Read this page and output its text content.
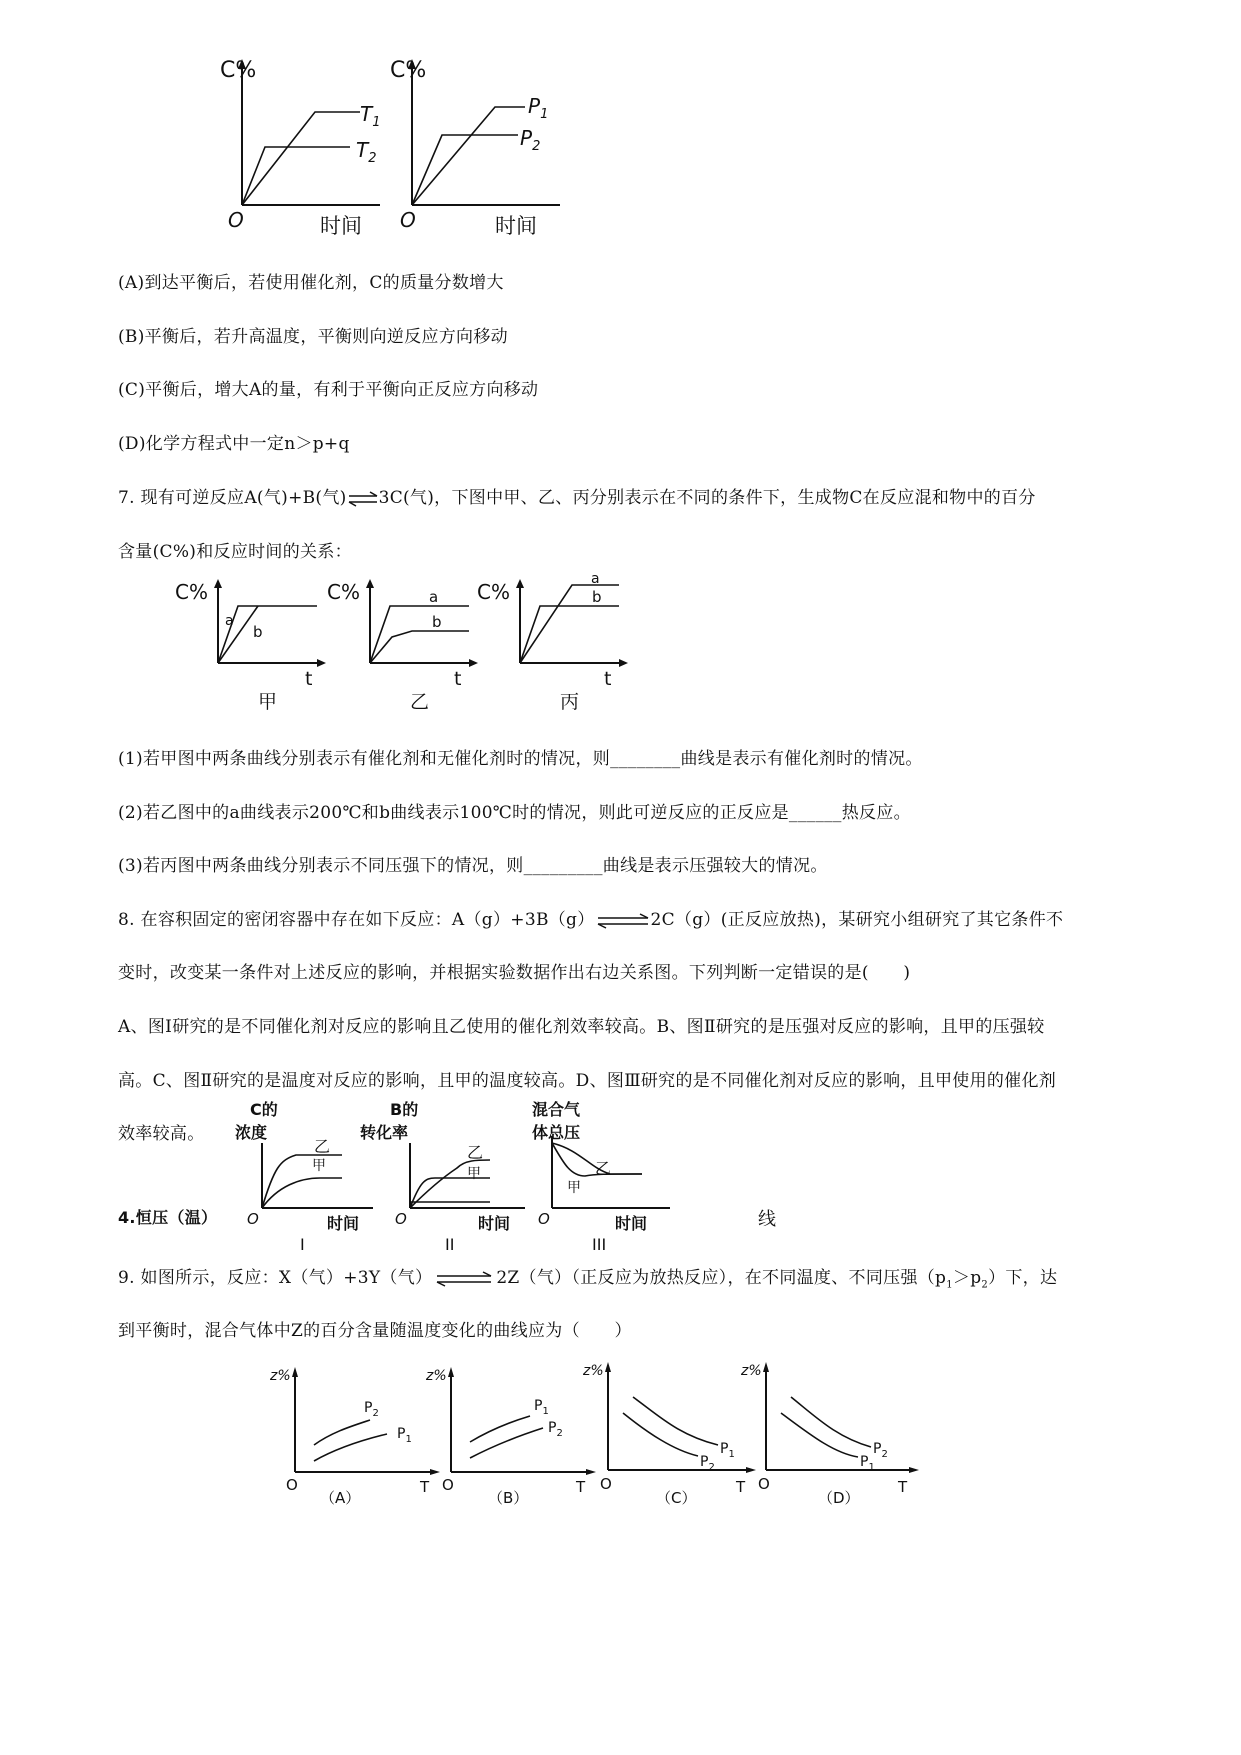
C%
O	时间
$T_1$
$T_2$
C%
O	时间
$P_1$
$P_2$
(A)到达平衡后，若使用催化剂，C的质量分数增大
(B)平衡后，若升高温度，平衡则向逆反应方向移动
(C)平衡后，增大A的量，有利于平衡向正反应方向移动
(D)化学方程式中一定n＞p+q
7. 现有可逆反应A(气)+B(气)⇌3C(气)，下图中甲、乙、丙分别表示在不同的条件下，生成物C在反应混和物中的百分
含量(C%)和反应时间的关系：
C%
t
a
b
甲
C%
t
a
b
乙
C%
t
a
b
丙
(1)若甲图中两条曲线分别表示有催化剂和无催化剂时的情况，则________曲线是表示有催化剂时的情况。
(2)若乙图中的a曲线表示200℃和b曲线表示100℃时的情况，则此可逆反应的正反应是______热反应。
(3)若丙图中两条曲线分别表示不同压强下的情况，则_________曲线是表示压强较大的情况。
8. 在容积固定的密闭容器中存在如下反应：A（g）+3B（g） ⇌ 2C（g）(正反应放热)，某研究小组研究了其它条件不
变时，改变某一条件对上述反应的影响，并根据实验数据作出右边关系图。下列判断一定错误的是(　　)
A、图Ⅰ研究的是不同催化剂对反应的影响且乙使用的催化剂效率较高。B、图Ⅱ研究的是压强对反应的影响，且甲的压强较
高。C、图Ⅱ研究的是温度对反应的影响，且甲的温度较高。D、图Ⅲ研究的是不同催化剂对反应的影响，且甲使用的催化剂
效率较高。
4.恒压（温）	线
C的
浓度
O	时间
乙
甲
I
B的
转化率
O	时间
乙
甲
II
混合气
体总压
O	时间
乙
甲
III
9. 如图所示，反应：X（气）+3Y（气） ⇌ 2Z（气）（正反应为放热反应），在不同温度、不同压强$(p_1>p_2)$下，达
到平衡时，混合气体中Z的百分含量随温度变化的曲线应为（　　）
z%
O	T
$P_2$
$P_1$
（A）
z%
O	T
$P_1$
$P_2$
（B）
z%
O	T
$P_1$
$P_2$
（C）
z%
O	T
$P_2$
$P_1$
（D）
